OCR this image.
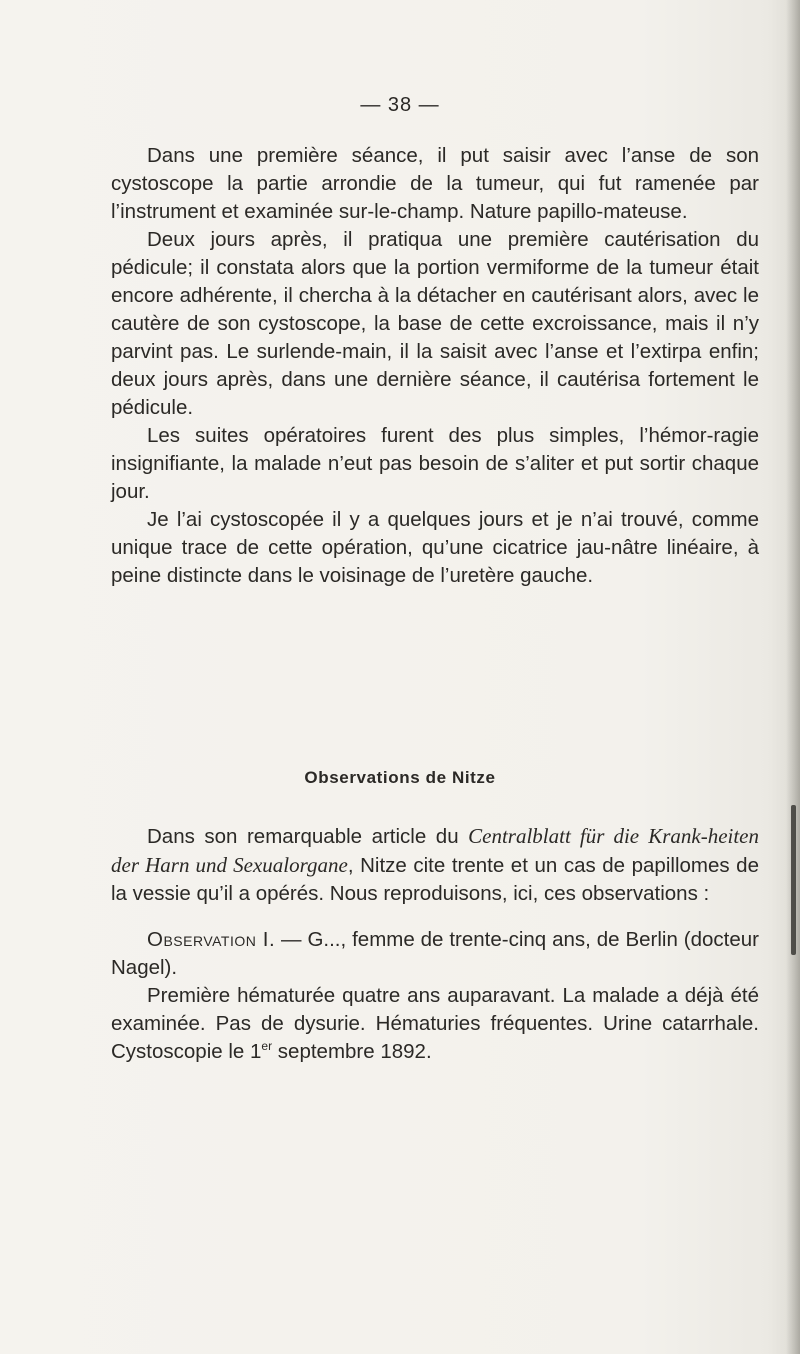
— 38 —

Dans une première séance, il put saisir avec l’anse de son cystoscope la partie arrondie de la tumeur, qui fut ramenée par l’instrument et examinée sur-le-champ. Nature papillo-mateuse.

Deux jours après, il pratiqua une première cautérisation du pédicule; il constata alors que la portion vermiforme de la tumeur était encore adhérente, il chercha à la détacher en cautérisant alors, avec le cautère de son cystoscope, la base de cette excroissance, mais il n’y parvint pas. Le surlende-main, il la saisit avec l’anse et l’extirpa enfin; deux jours après, dans une dernière séance, il cautérisa fortement le pédicule.

Les suites opératoires furent des plus simples, l’hémor-ragie insignifiante, la malade n’eut pas besoin de s’aliter et put sortir chaque jour.

Je l’ai cystoscopée il y a quelques jours et je n’ai trouvé, comme unique trace de cette opération, qu’une cicatrice jau-nâtre linéaire, à peine distincte dans le voisinage de l’uretère gauche.

Observations de Nitze

Dans son remarquable article du Centralblatt für die Krank-heiten der Harn und Sexualorgane, Nitze cite trente et un cas de papillomes de la vessie qu’il a opérés. Nous reproduisons, ici, ces observations :

Observation I. — G..., femme de trente-cinq ans, de Berlin (docteur Nagel).

Première hématurée quatre ans auparavant. La malade a déjà été examinée. Pas de dysurie. Hématuries fréquentes. Urine catarrhale. Cystoscopie le 1er septembre 1892.
